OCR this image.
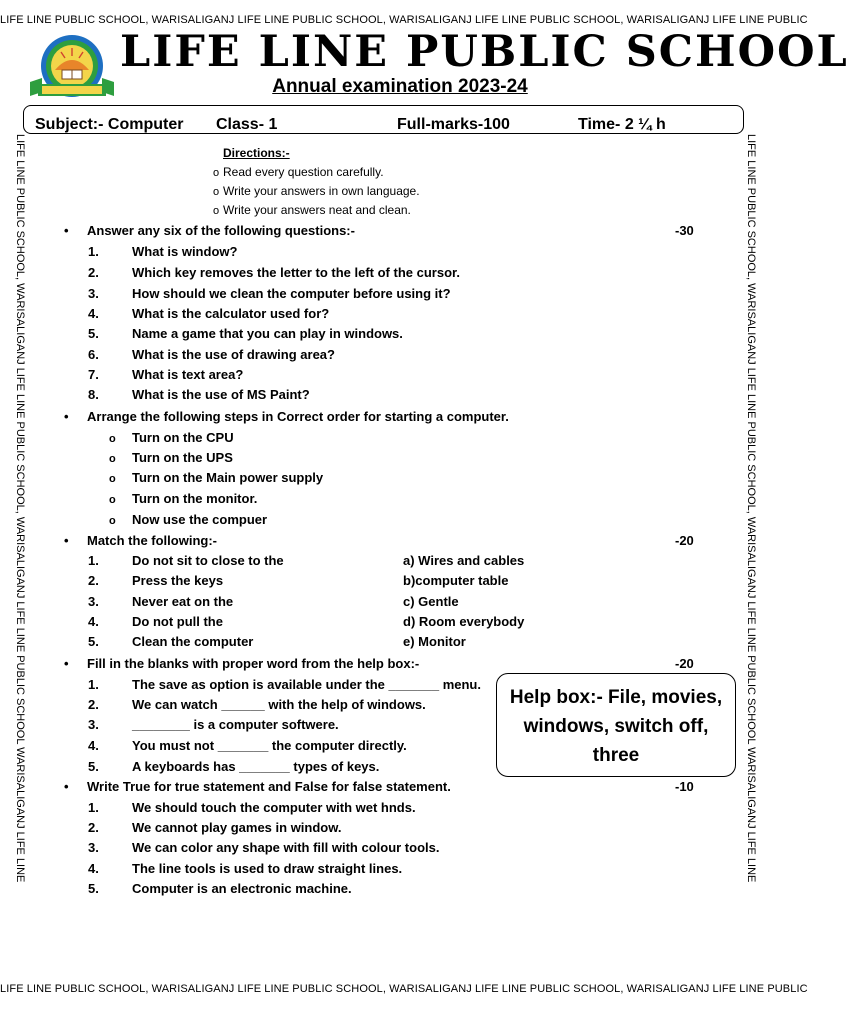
LIFE LINE PUBLIC SCHOOL, WARISALIGANJ LIFE LINE PUBLIC SCHOOL, WARISALIGANJ LIFE LINE PUBLIC SCHOOL, WARISALIGANJ LIFE LINE PUBLIC
LIFE LINE PUBLIC SCHOOL, WARISALIGANJ LIFE LINE PUBLIC SCHOOL, WARISALIGANJ LIFE LINE PUBLIC SCHOOL, WARISALIGANJ LIFE LINE PUBLIC
LIFE LINE PUBLIC SCHOOL, WARISALIGANJ LIFE LINE PUBLIC SCHOOL, WARISALIGANJ LIFE LINE PUBLIC SCHOOL WARISALIGANJ LIFE LINE	LIFE LINE PUBLIC SCHOOL, WARISALIGANJ LIFE LINE PUBLIC SCHOOL, WARISALIGANJ LIFE LINE PUBLIC SCHOOL WARISALIGANJ LIFE LINE
LIFE LINE PUBLIC SCHOOL
Annual examination 2023-24
Subject:- Computer Class- 1	Full-marks-100	Time- 2 ¼ h
Directions:-
o Read every question carefully.
o Write your answers in own language.
o Write your answers neat and clean.
• Answer any six of the following questions:-	-30
1.	What is window?
2.	Which key removes the letter to the left of the cursor.
3.	How should we clean the computer before using it?
4.	What is the calculator used for?
5.	Name a game that you can play in windows.
6.	What is the use of drawing area?
7.	What is text area?
8.	What is the use of MS Paint?
• Arrange the following steps in Correct order for starting a computer.
o Turn on the CPU
o Turn on the UPS
o Turn on the Main power supply
o Turn on the monitor.
o Now use the compuer
• Match the following:-	-20
1.	Do not sit to close to the	a) Wires and cables
2.	Press the keys	b)computer table
3.	Never eat on the	c) Gentle
4.	Do not pull the	d) Room everybody
5.	Clean the computer	e) Monitor
• Fill in the blanks with proper word from the help box:-	-20
1.	The save as option is available under the _______ menu.
2.	We can watch ______ with the help of windows.
3.	________ is a computer softwere.
4.	You must not _______ the computer directly.
5.	A keyboards has _______ types of keys.
Help box:- File, movies, windows, switch off, three
• Write True for true statement and False for false statement.	-10
1.	We should touch the computer with wet hnds.
2.	We cannot play games in window.
3.	We can color any shape with fill with colour tools.
4.	The line tools is used to draw straight lines.
5.	Computer is an electronic machine.
